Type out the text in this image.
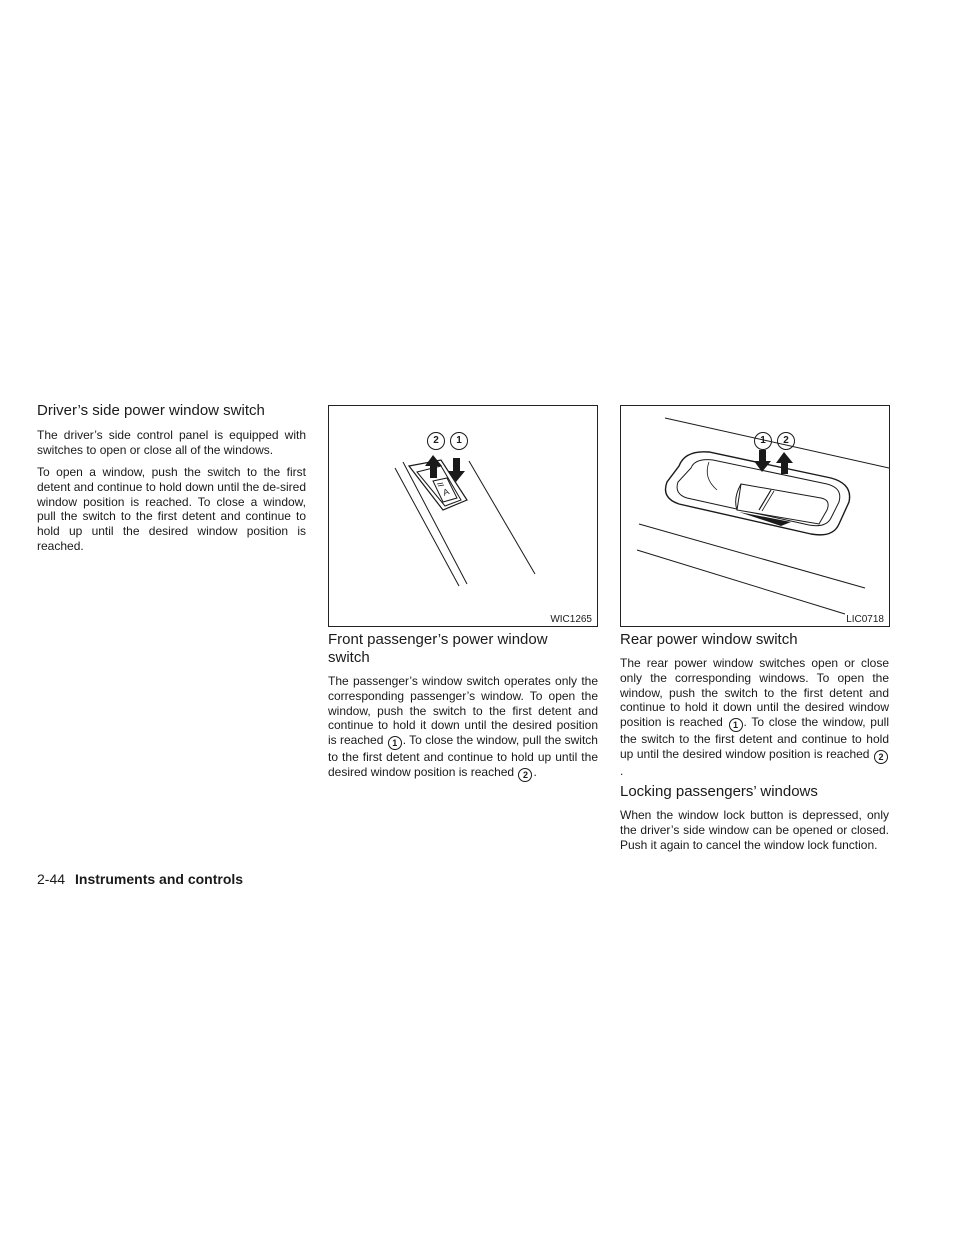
Driver’s side power window switch

The driver’s side control panel is equipped with switches to open or close all of the windows.

To open a window, push the switch to the first detent and continue to hold down until the de-sired window position is reached. To close a window, pull the switch to the first detent and continue to hold up until the desired window position is reached.

2	1
A
WIC1265
1	2
LIC0718
Front passenger’s power window switch

The passenger’s window switch operates only the corresponding passenger’s window. To open the window, push the switch to the first detent and continue to hold it down until the desired position is reached 1 . To close the window, pull the switch to the first detent and continue to hold up until the desired window position is reached 2 .

Rear power window switch

The rear power window switches open or close only the corresponding windows. To open the window, push the switch to the first detent and continue to hold it down until the desired window position is reached 1 . To close the window, pull the switch to the first detent and continue to hold up until the desired window position is reached 2.

Locking passengers’ windows

When the window lock button is depressed, only the driver’s side window can be opened or closed. Push it again to cancel the window lock function.

2-44 Instruments and controls
